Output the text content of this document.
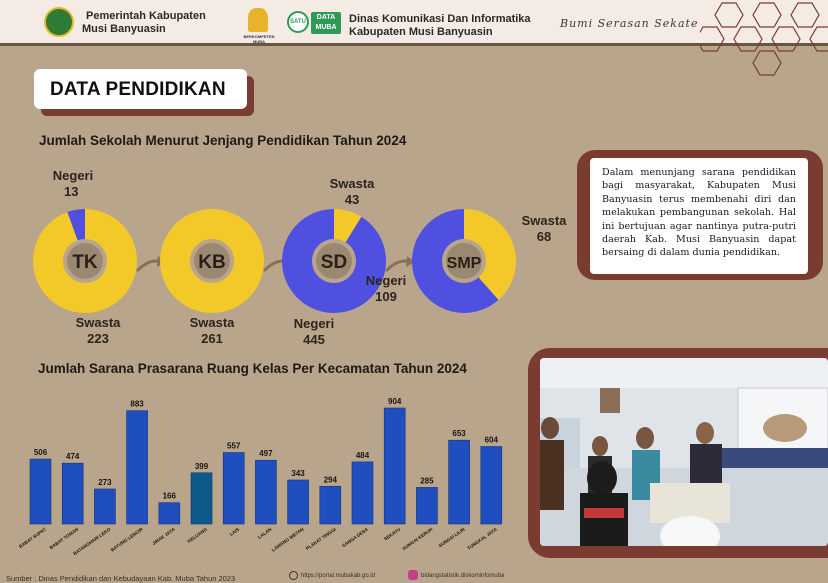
Pemerintah Kabupaten
Musi Banyuasin
BERKOMPETEN MUBA
SATU
DATA
MUBA
Dinas Komunikasi Dan Informatika
Kabupaten Musi Banyuasin
Bumi Serasan Sekate
DATA PENDIDIKAN
Jumlah Sekolah Menurut Jenjang Pendidikan Tahun 2024
TK	KB	SD	SMP
Negeri
13
Swasta
223
Swasta
261
Swasta
43
Negeri
445
Negeri
109
Swasta
68
Dalam menunjang sarana pendidikan bagi masyarakat, Kabupaten Musi Banyuasin terus membenahi diri dan melakukan pembangunan sekolah. Hal ini bertujuan agar nantinya putra-putri daerah Kab. Musi Banyuasin dapat bersaing di dalam dunia pendidikan.
Jumlah Sarana Prasarana Ruang Kelas Per Kecamatan Tahun 2024
506
BABAT SUPAT
474
BABAT TOMAN
273
BATANGHARI LEKO
883
BAYUNG LENCIR
166
JIRAK JAYA
399
KELUANG
557
LAIS
497
LALAN
343
LAWANG WETAN
294
PLAKAT TINGGI
484
SANGA DESA
904
SEKAYU
285
SUNGAI KERUH
653
SUNGAI LILIN
604
TUNGKAL JAYA
Sumber : Dinas Pendidikan dan Kebudayaan Kab. Muba Tahun 2023	https://portal.mubakab.go.id	bidangstatistik.diskominfomuba
